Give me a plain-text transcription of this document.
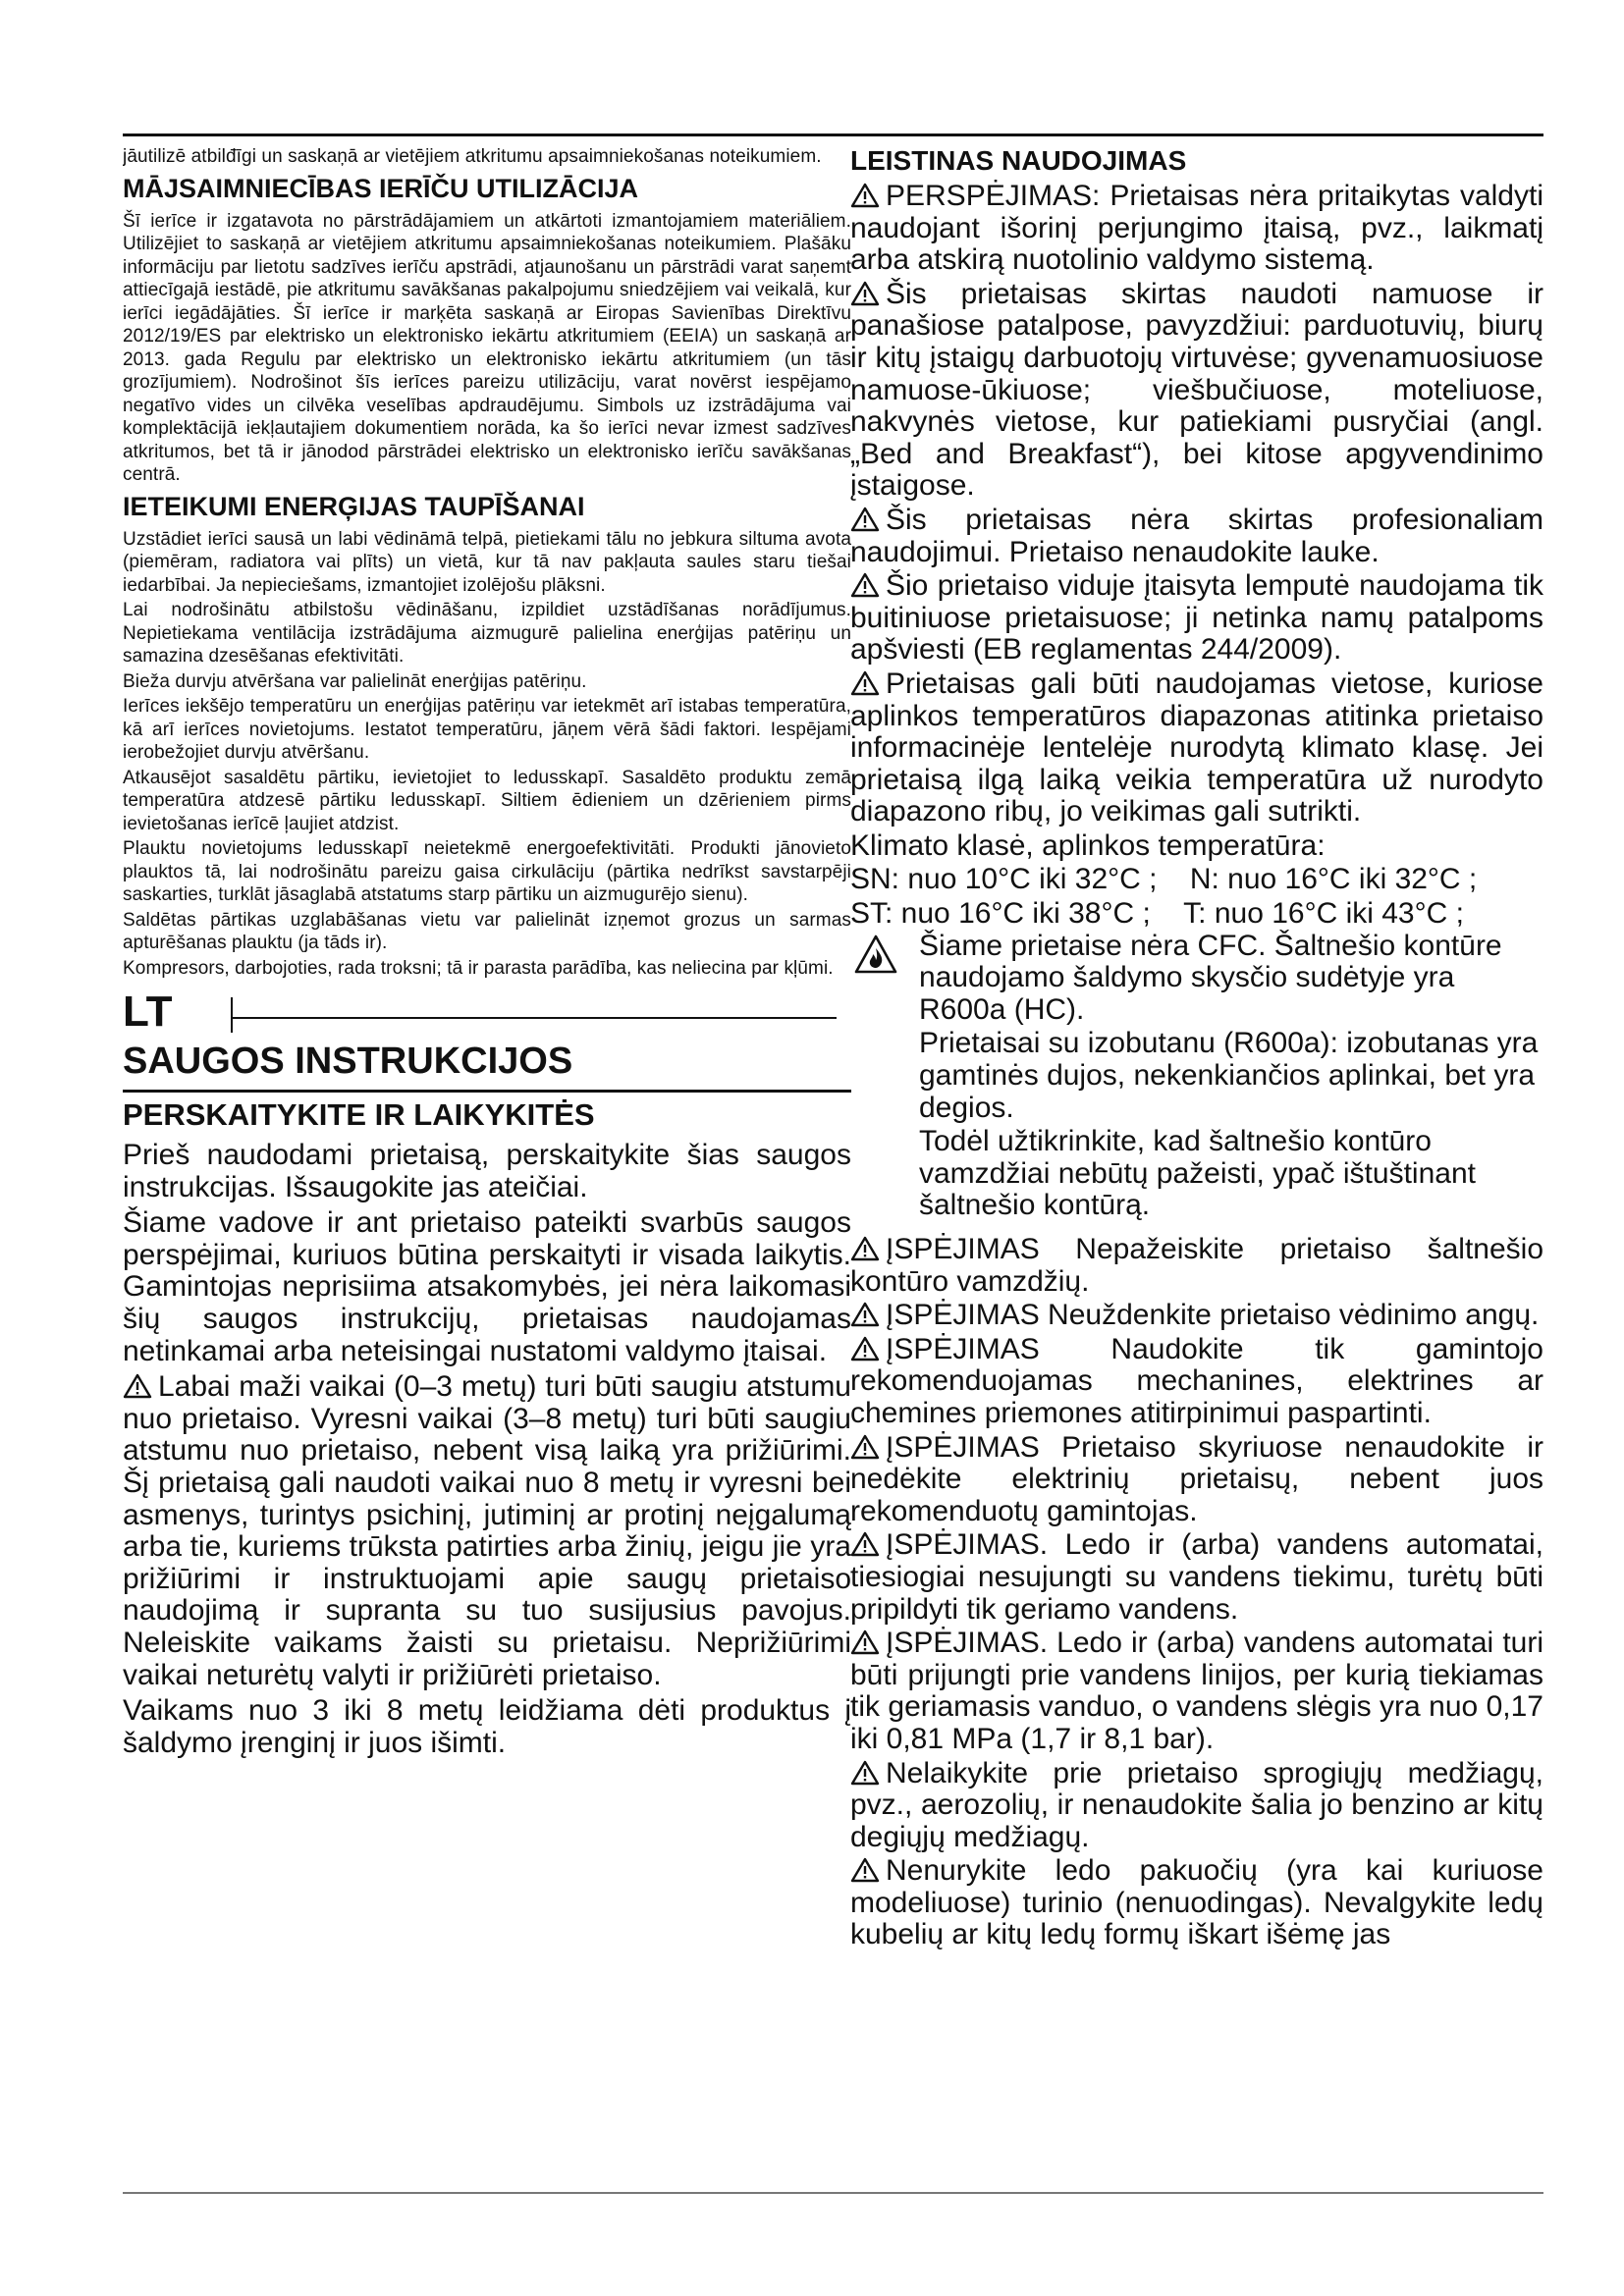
jāutilizē atbilđīgi un saskaņā ar vietējiem atkritumu apsaimniekošanas noteikumiem.

MĀJSAIMNIECĪBAS IERĪČU UTILIZĀCIJA

Šī ierīce ir izgatavota no pārstrādājamiem un atkārtoti izmantojamiem materiāliem. Utilizējiet to saskaņā ar vietējiem atkritumu apsaimniekošanas noteikumiem. Plašāku informāciju par lietotu sadzīves ierīču apstrādi, atjaunošanu un pārstrādi varat saņemt attiecīgajā iestādē, pie atkritumu savākšanas pakalpojumu sniedzējiem vai veikalā, kur ierīci iegādājāties. Šī ierīce ir marķēta saskaņā ar Eiropas Savienības Direktīvu 2012/19/ES par elektrisko un elektronisko iekārtu atkritumiem (EEIA) un saskaņā ar 2013. gada Regulu par elektrisko un elektronisko iekārtu atkritumiem (un tās grozījumiem). Nodrošinot šīs ierīces pareizu utilizāciju, varat novērst iespējamo negatīvo vides un cilvēka veselības apdraudējumu. Simbols uz izstrādājuma vai komplektācijā iekļautajiem dokumentiem norāda, ka šo ierīci nevar izmest sadzīves atkritumos, bet tā ir jānodod pārstrādei elektrisko un elektronisko ierīču savākšanas centrā.

IETEIKUMI ENERĢIJAS TAUPĪŠANAI

Uzstādiet ierīci sausā un labi vēdināmā telpā, pietiekami tālu no jebkura siltuma avota (piemēram, radiatora vai plīts) un vietā, kur tā nav pakļauta saules staru tiešai iedarbībai. Ja nepieciešams, izmantojiet izolējošu plāksni.

Lai nodrošinātu atbilstošu vēdināšanu, izpildiet uzstādīšanas norādījumus. Nepietiekama ventilācija izstrādājuma aizmugurē palielina enerģijas patēriņu un samazina dzesēšanas efektivitāti.

Bieža durvju atvēršana var palielināt enerģijas patēriņu.

Ierīces iekšējo temperatūru un enerģijas patēriņu var ietekmēt arī istabas temperatūra, kā arī ierīces novietojums. Iestatot temperatūru, jāņem vērā šādi faktori. Iespējami ierobežojiet durvju atvēršanu.

Atkausējot sasaldētu pārtiku, ievietojiet to ledusskapī. Sasaldēto produktu zemā temperatūra atdzesē pārtiku ledusskapī. Siltiem ēdieniem un dzērieniem pirms ievietošanas ierīcē ļaujiet atdzist.

Plauktu novietojums ledusskapī neietekmē energoefektivitāti. Produkti jānovieto plauktos tā, lai nodrošinātu pareizu gaisa cirkulāciju (pārtika nedrīkst savstarpēji saskarties, turklāt jāsaglabā atstatums starp pārtiku un aizmugurējo sienu).

Saldētas pārtikas uzglabāšanas vietu var palielināt izņemot grozus un sarmas apturēšanas plauktu (ja tāds ir).

Kompresors, darbojoties, rada troksni; tā ir parasta parādība, kas neliecina par kļūmi.

LT
SAUGOS INSTRUKCIJOS
PERSKAITYKITE IR LAIKYKITĖS

Prieš naudodami prietaisą, perskaitykite šias saugos instrukcijas. Išsaugokite jas ateičiai.

Šiame vadove ir ant prietaiso pateikti svarbūs saugos perspėjimai, kuriuos būtina perskaityti ir visada laikytis. Gamintojas neprisiima atsakomybės, jei nėra laikomasi šių saugos instrukcijų, prietaisas naudojamas netinkamai arba neteisingai nustatomi valdymo įtaisai.

Labai maži vaikai (0–3 metų) turi būti saugiu atstumu nuo prietaiso. Vyresni vaikai (3–8 metų) turi būti saugiu atstumu nuo prietaiso, nebent visą laiką yra prižiūrimi. Šį prietaisą gali naudoti vaikai nuo 8 metų ir vyresni bei asmenys, turintys psichinį, jutiminį ar protinį neįgalumą arba tie, kuriems trūksta patirties arba žinių, jeigu jie yra prižiūrimi ir instruktuojami apie saugų prietaiso naudojimą ir supranta su tuo susijusius pavojus. Neleiskite vaikams žaisti su prietaisu. Neprižiūrimi vaikai neturėtų valyti ir prižiūrėti prietaiso.

Vaikams nuo 3 iki 8 metų leidžiama dėti produktus į šaldymo įrenginį ir juos išimti.

LEISTINAS NAUDOJIMAS

PERSPĖJIMAS: Prietaisas nėra pritaikytas valdyti naudojant išorinį perjungimo įtaisą, pvz., laikmatį arba atskirą nuotolinio valdymo sistemą.

Šis prietaisas skirtas naudoti namuose ir panašiose patalpose, pavyzdžiui: parduotuvių, biurų ir kitų įstaigų darbuotojų virtuvėse; gyvenamuosiuose namuose-ūkiuose; viešbučiuose, moteliuose, nakvynės vietose, kur patiekiami pusryčiai (angl. „Bed and Breakfast“), bei kitose apgyvendinimo įstaigose.

Šis prietaisas nėra skirtas profesionaliam naudojimui. Prietaiso nenaudokite lauke.

Šio prietaiso viduje įtaisyta lemputė naudojama tik buitiniuose prietaisuose; ji netinka namų patalpoms apšviesti (EB reglamentas 244/2009).

Prietaisas gali būti naudojamas vietose, kuriose aplinkos temperatūros diapazonas atitinka prietaiso informacinėje lentelėje nurodytą klimato klasę. Jei prietaisą ilgą laiką veikia temperatūra už nurodyto diapazono ribų, jo veikimas gali sutrikti.

Klimato klasė, aplinkos temperatūra:

SN: nuo 10°C iki 32°C ; N: nuo 16°C iki 32°C ;

ST: nuo 16°C iki 38°C ; T: nuo 16°C iki 43°C ;

Šiame prietaise nėra CFC. Šaltnešio kontūre naudojamo šaldymo skysčio sudėtyje yra R600a (HC).

Prietaisai su izobutanu (R600a): izobutanas yra gamtinės dujos, nekenkiančios aplinkai, bet yra degios.

Todėl užtikrinkite, kad šaltnešio kontūro vamzdžiai nebūtų pažeisti, ypač ištuštinant šaltnešio kontūrą.

ĮSPĖJIMAS Nepažeiskite prietaiso šaltnešio kontūro vamzdžių.

ĮSPĖJIMAS Neuždenkite prietaiso vėdinimo angų.

ĮSPĖJIMAS Naudokite tik gamintojo rekomenduojamas mechanines, elektrines ar chemines priemones atitirpinimui paspartinti.

ĮSPĖJIMAS Prietaiso skyriuose nenaudokite ir nedėkite elektrinių prietaisų, nebent juos rekomenduotų gamintojas.

ĮSPĖJIMAS. Ledo ir (arba) vandens automatai, tiesiogiai nesujungti su vandens tiekimu, turėtų būti pripildyti tik geriamo vandens.

ĮSPĖJIMAS. Ledo ir (arba) vandens automatai turi būti prijungti prie vandens linijos, per kurią tiekiamas tik geriamasis vanduo, o vandens slėgis yra nuo 0,17 iki 0,81 MPa (1,7 ir 8,1 bar).

Nelaikykite prie prietaiso sprogiųjų medžiagų, pvz., aerozolių, ir nenaudokite šalia jo benzino ar kitų degiųjų medžiagų.

Nenurykite ledo pakuočių (yra kai kuriuose modeliuose) turinio (nenuodingas). Nevalgykite ledų kubelių ar kitų ledų formų iškart išėmę jas
